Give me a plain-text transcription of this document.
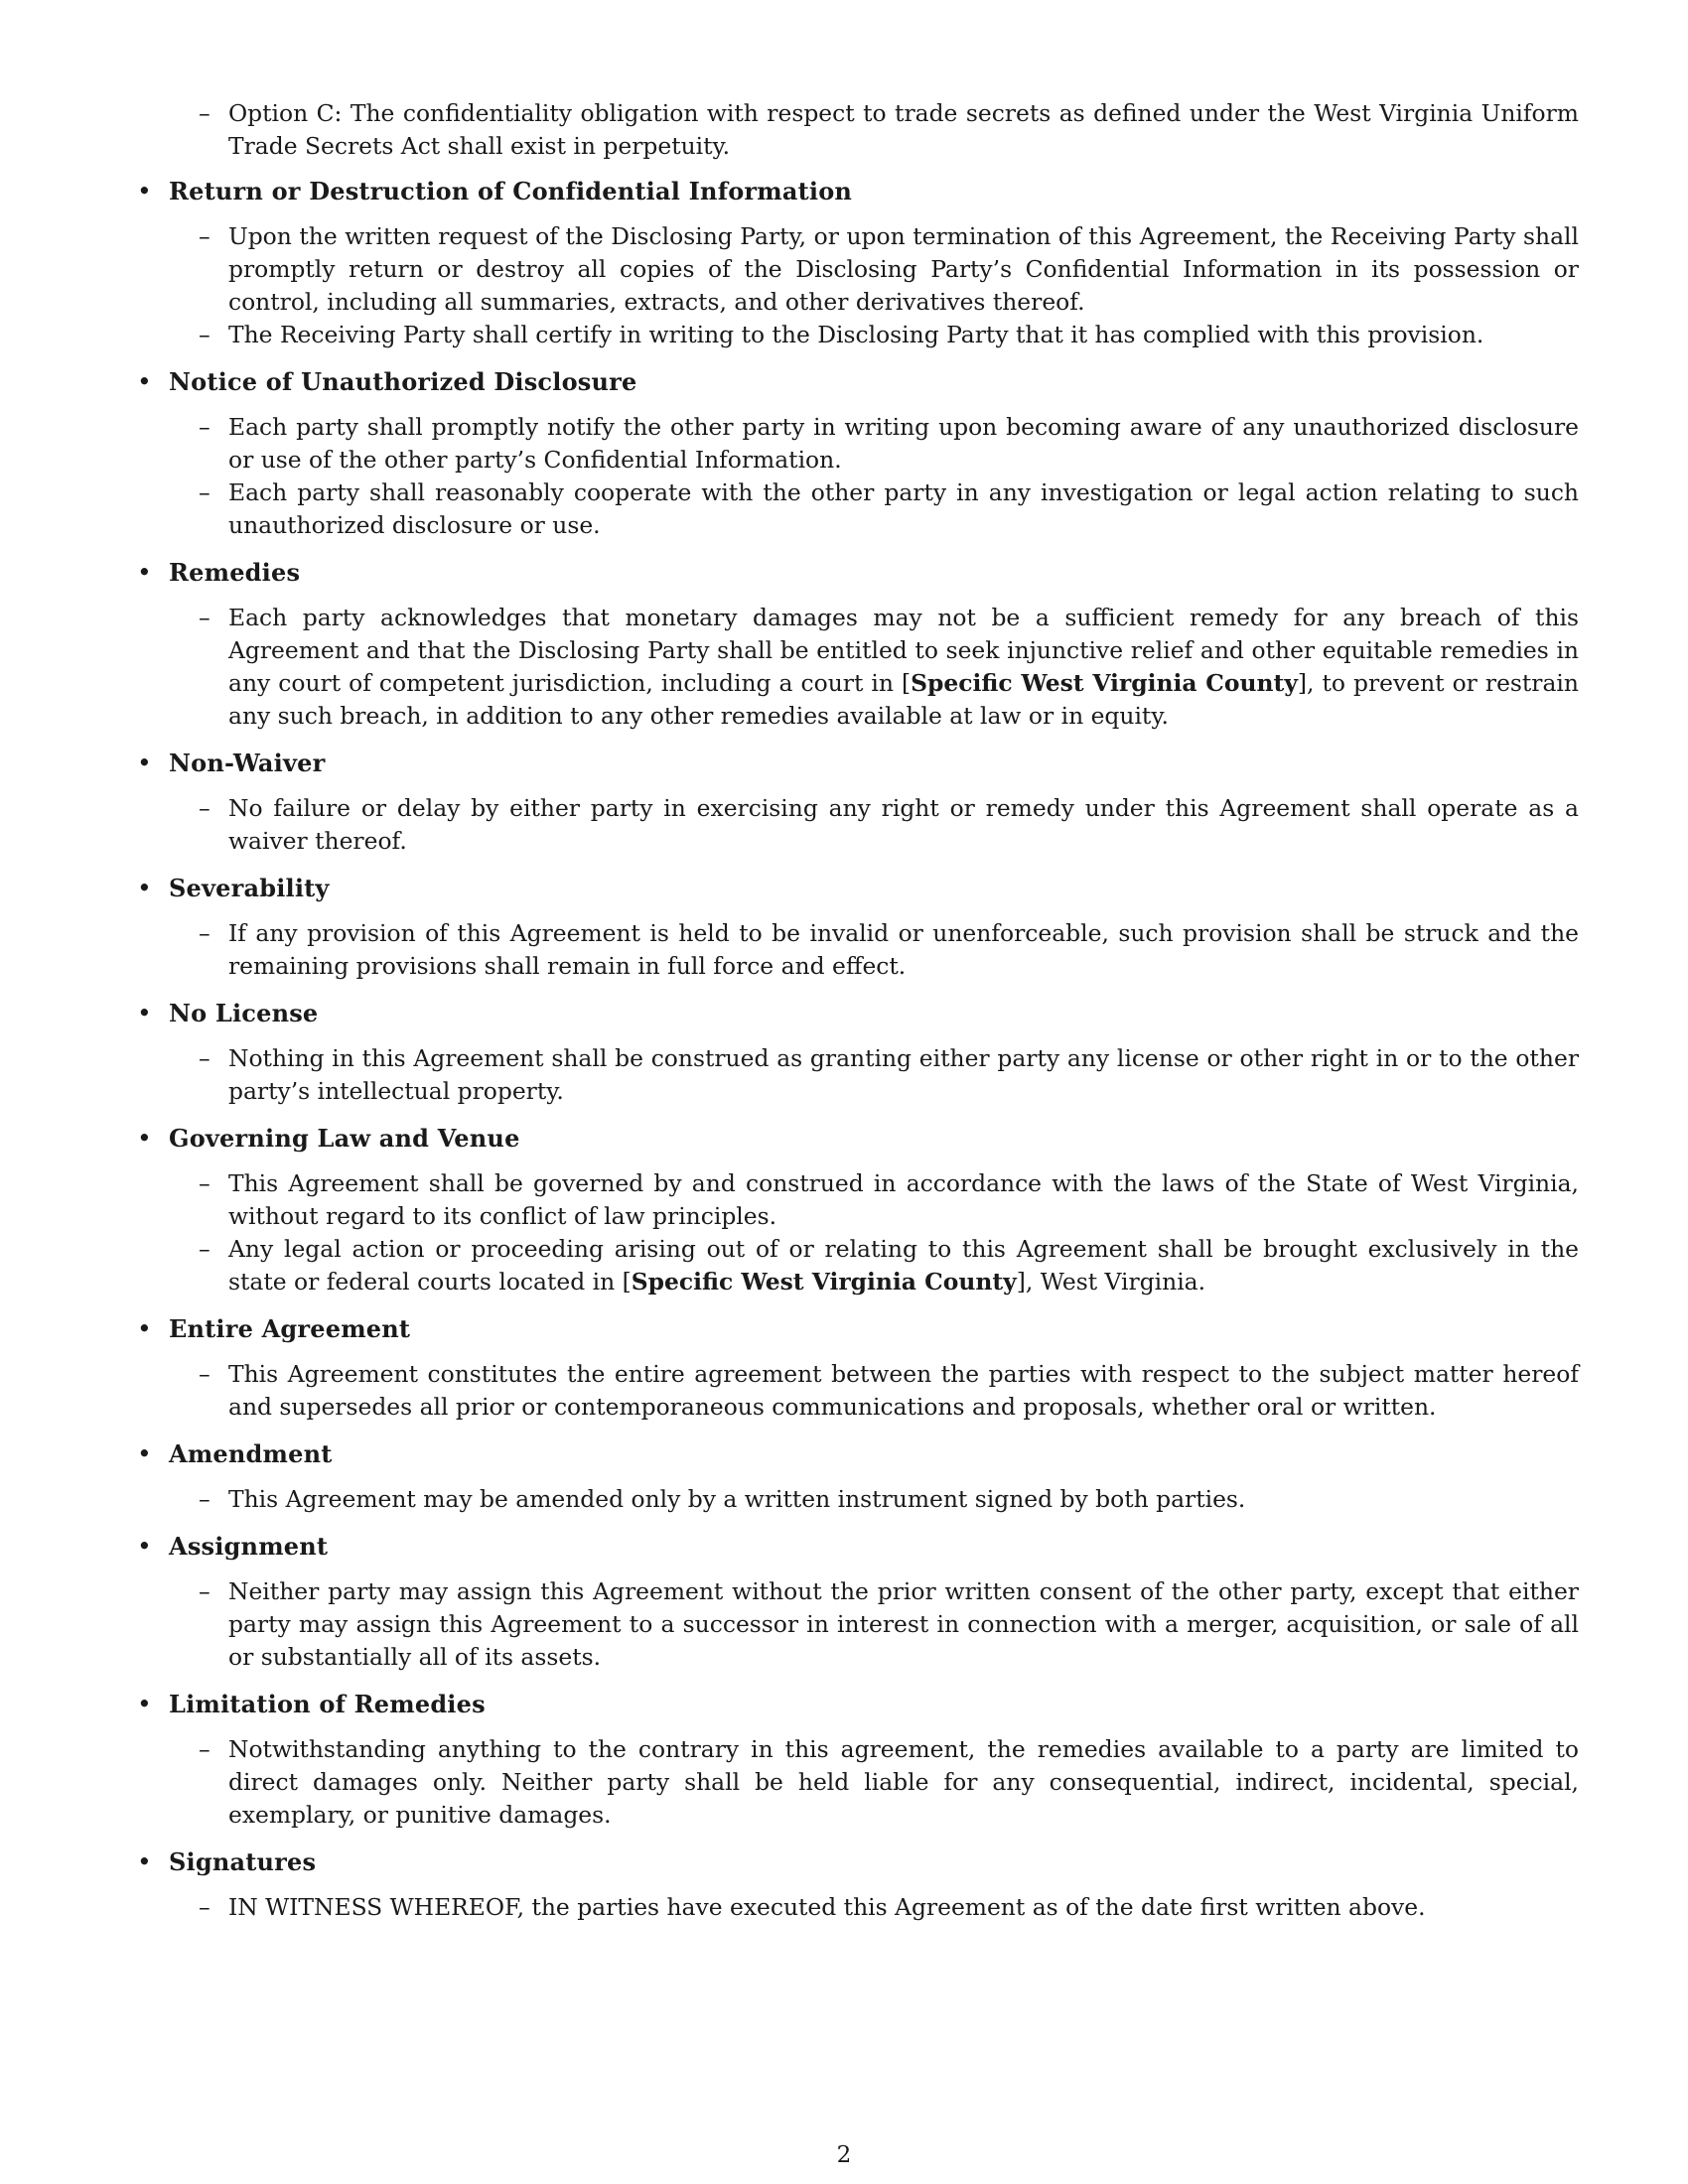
– Option C: The confidentiality obligation with respect to trade secrets as defined under the West Virginia Uniform Trade Secrets Act shall exist in perpetuity.
• Return or Destruction of Confidential Information
– Upon the written request of the Disclosing Party, or upon termination of this Agreement, the Receiving Party shall promptly return or destroy all copies of the Disclosing Party’s Confidential Information in its possession or control, including all summaries, extracts, and other derivatives thereof.
– The Receiving Party shall certify in writing to the Disclosing Party that it has complied with this provision.
• Notice of Unauthorized Disclosure
– Each party shall promptly notify the other party in writing upon becoming aware of any unauthorized disclosure or use of the other party’s Confidential Information.
– Each party shall reasonably cooperate with the other party in any investigation or legal action relating to such unauthorized disclosure or use.
• Remedies
– Each party acknowledges that monetary damages may not be a sufficient remedy for any breach of this Agreement and that the Disclosing Party shall be entitled to seek injunctive relief and other equitable remedies in any court of competent jurisdiction, including a court in [Specific West Virginia County], to prevent or restrain any such breach, in addition to any other remedies available at law or in equity.
• Non-Waiver
– No failure or delay by either party in exercising any right or remedy under this Agreement shall operate as a waiver thereof.
• Severability
– If any provision of this Agreement is held to be invalid or unenforceable, such provision shall be struck and the remaining provisions shall remain in full force and effect.
• No License
– Nothing in this Agreement shall be construed as granting either party any license or other right in or to the other party’s intellectual property.
• Governing Law and Venue
– This Agreement shall be governed by and construed in accordance with the laws of the State of West Virginia, without regard to its conflict of law principles.
– Any legal action or proceeding arising out of or relating to this Agreement shall be brought exclusively in the state or federal courts located in [Specific West Virginia County], West Virginia.
• Entire Agreement
– This Agreement constitutes the entire agreement between the parties with respect to the subject matter hereof and supersedes all prior or contemporaneous communications and proposals, whether oral or written.
• Amendment
– This Agreement may be amended only by a written instrument signed by both parties.
• Assignment
– Neither party may assign this Agreement without the prior written consent of the other party, except that either party may assign this Agreement to a successor in interest in connection with a merger, acquisition, or sale of all or substantially all of its assets.
• Limitation of Remedies
– Notwithstanding anything to the contrary in this agreement, the remedies available to a party are limited to direct damages only. Neither party shall be held liable for any consequential, indirect, incidental, special, exemplary, or punitive damages.
• Signatures
– IN WITNESS WHEREOF, the parties have executed this Agreement as of the date first written above.
2
